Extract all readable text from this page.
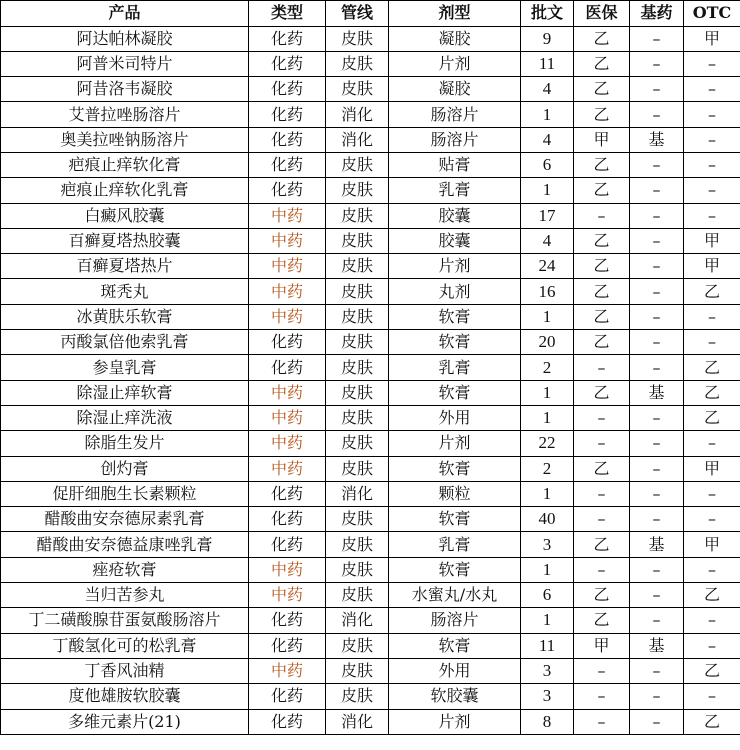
产品	类型	管线	剂型	批文	医保	基药	OTC
阿达帕林凝胶	化药	皮肤	凝胶	9	乙	–	甲
阿普米司特片	化药	皮肤	片剂	11	乙	–	–
阿昔洛韦凝胶	化药	皮肤	凝胶	4	乙	–	–
艾普拉唑肠溶片	化药	消化	肠溶片	1	乙	–	–
奥美拉唑钠肠溶片	化药	消化	肠溶片	4	甲	基	–
疤痕止痒软化膏	化药	皮肤	贴膏	6	乙	–	–
疤痕止痒软化乳膏	化药	皮肤	乳膏	1	乙	–	–
白癜风胶囊	中药	皮肤	胶囊	17	–	–	–
百癣夏塔热胶囊	中药	皮肤	胶囊	4	乙	–	甲
百癣夏塔热片	中药	皮肤	片剂	24	乙	–	甲
斑秃丸	中药	皮肤	丸剂	16	乙	–	乙
冰黄肤乐软膏	中药	皮肤	软膏	1	乙	–	–
丙酸氯倍他索乳膏	化药	皮肤	软膏	20	乙	–	–
参皇乳膏	化药	皮肤	乳膏	2	–	–	乙
除湿止痒软膏	中药	皮肤	软膏	1	乙	基	乙
除湿止痒洗液	中药	皮肤	外用	1	–	–	乙
除脂生发片	中药	皮肤	片剂	22	–	–	–
创灼膏	中药	皮肤	软膏	2	乙	–	甲
促肝细胞生长素颗粒	化药	消化	颗粒	1	–	–	–
醋酸曲安奈德尿素乳膏	化药	皮肤	软膏	40	–	–	–
醋酸曲安奈德益康唑乳膏	化药	皮肤	乳膏	3	乙	基	甲
痤疮软膏	中药	皮肤	软膏	1	–	–	–
当归苦参丸	中药	皮肤	水蜜丸/水丸	6	乙	–	乙
丁二磺酸腺苷蛋氨酸肠溶片	化药	消化	肠溶片	1	乙	–	–
丁酸氢化可的松乳膏	化药	皮肤	软膏	11	甲	基	–
丁香风油精	中药	皮肤	外用	3	–	–	乙
度他雄胺软胶囊	化药	皮肤	软胶囊	3	–	–	–
多维元素片(21)	化药	消化	片剂	8	–	–	乙
